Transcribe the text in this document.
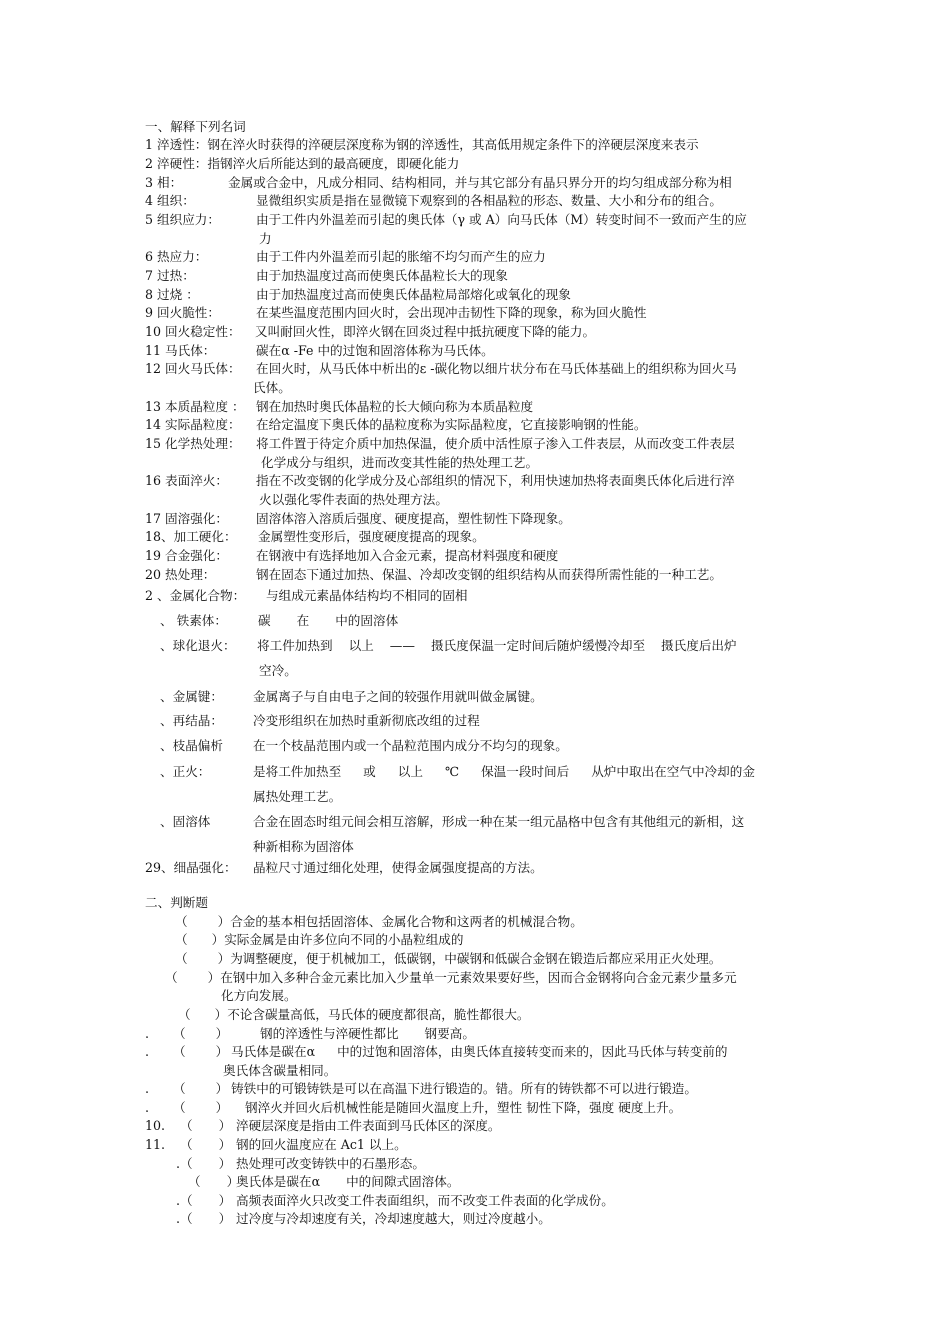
一、解释下列名词
1 淬透性：钢在淬火时获得的淬硬层深度称为钢的淬透性，其高低用规定条件下的淬硬层深度来表示
2 淬硬性：指钢淬火后所能达到的最高硬度，即硬化能力
3 相：	金属或合金中，凡成分相同、结构相同，并与其它部分有晶只界分开的均匀组成部分称为相
4 组织：	显微组织实质是指在显微镜下观察到的各相晶粒的形态、数量、大小和分布的组合。
5 组织应力：	由于工件内外温差而引起的奥氏体（γ 或 A）向马氏体（M）转变时间不一致而产生的应
力
6 热应力：	由于工件内外温差而引起的胀缩不均匀而产生的应力
7 过热：	由于加热温度过高而使奥氏体晶粒长大的现象
8 过烧 ：	由于加热温度过高而使奥氏体晶粒局部熔化或氧化的现象
9 回火脆性：	在某些温度范围内回火时，会出现冲击韧性下降的现象，称为回火脆性
10 回火稳定性： 又叫耐回火性，即淬火钢在回炎过程中抵抗硬度下降的能力。
11 马氏体：	碳在α -Fe 中的过饱和固溶体称为马氏体。
12 回火马氏体： 在回火时，从马氏体中析出的ε -碳化物以细片状分布在马氏体基础上的组织称为回火马
氏体。
13 本质晶粒度 ： 钢在加热时奥氏体晶粒的长大倾向称为本质晶粒度
14 实际晶粒度： 在给定温度下奥氏体的晶粒度称为实际晶粒度，它直接影响钢的性能。
15 化学热处理： 将工件置于待定介质中加热保温，使介质中活性原子渗入工件表层，从而改变工件表层
化学成分与组织，进而改变其性能的热处理工艺。
16 表面淬火： 指在不改变钢的化学成分及心部组织的情况下，利用快速加热将表面奥氏体化后进行淬
火以强化零件表面的热处理方法。
17 固溶强化： 固溶体溶入溶质后强度、硬度提高，塑性韧性下降现象。
18、加工硬化： 金属塑性变形后，强度硬度提高的现象。
19 合金强化： 在钢液中有选择地加入合金元素，提高材料强度和硬度
20 热处理：	钢在固态下通过加热、保温、冷却改变钢的组织结构从而获得所需性能的一种工艺。
2 、金属化合物： 与组成元素晶体结构均不相同的固相
、 铁素体： 碳 在 中的固溶体
、球化退火： 将工件加热到 以上 —— 摄氏度保温一定时间后随炉缓慢冷却至 摄氏度后出炉
空冷。
、金属键： 金属离子与自由电子之间的较强作用就叫做金属键。
、再结晶： 冷变形组织在加热时重新彻底改组的过程
、枝晶偏析 在一个枝晶范围内或一个晶粒范围内成分不均匀的现象。
、正火：	是将工件加热至 或 以上 ℃ 保温一段时间后 从炉中取出在空气中冷却的金
属热处理工艺。
、固溶体	合金在固态时组元间会相互溶解，形成一种在某一组元晶格中包含有其他组元的新相，这
种新相称为固溶体
29、细晶强化： 晶粒尺寸通过细化处理，使得金属强度提高的方法。
二、判断题
（ ）合金的基本相包括固溶体、金属化合物和这两者的机械混合物。
（ ）实际金属是由许多位向不同的小晶粒组成的
（ ）为调整硬度，便于机械加工，低碳钢，中碳钢和低碳合金钢在锻造后都应采用正火处理。
（ ）在钢中加入多种合金元素比加入少量单一元素效果要好些，因而合金钢将向合金元素少量多元
化方向发展。
（ ）不论含碳量高低，马氏体的硬度都很高，脆性都很大。
. （ ）	钢的淬透性与淬硬性都比 钢要高。
. （ ） 马氏体是碳在α 中的过饱和固溶体，由奥氏体直接转变而来的，因此马氏体与转变前的
奥氏体含碳量相同。
. （ ） 铸铁中的可锻铸铁是可以在高温下进行锻造的。错。所有的铸铁都不可以进行锻造。
. （ ） 钢淬火并回火后机械性能是随回火温度上升，塑性 韧性下降，强度 硬度上升。
10. （ ） 淬硬层深度是指由工件表面到马氏体区的深度。
11. （ ） 钢的回火温度应在 Ac1 以上。
.（ ） 热处理可改变铸铁中的石墨形态。
（ ）奥氏体是碳在α 中的间隙式固溶体。
.（ ） 高频表面淬火只改变工件表面组织，而不改变工件表面的化学成份。
.（ ） 过冷度与冷却速度有关，冷却速度越大，则过冷度越小。
